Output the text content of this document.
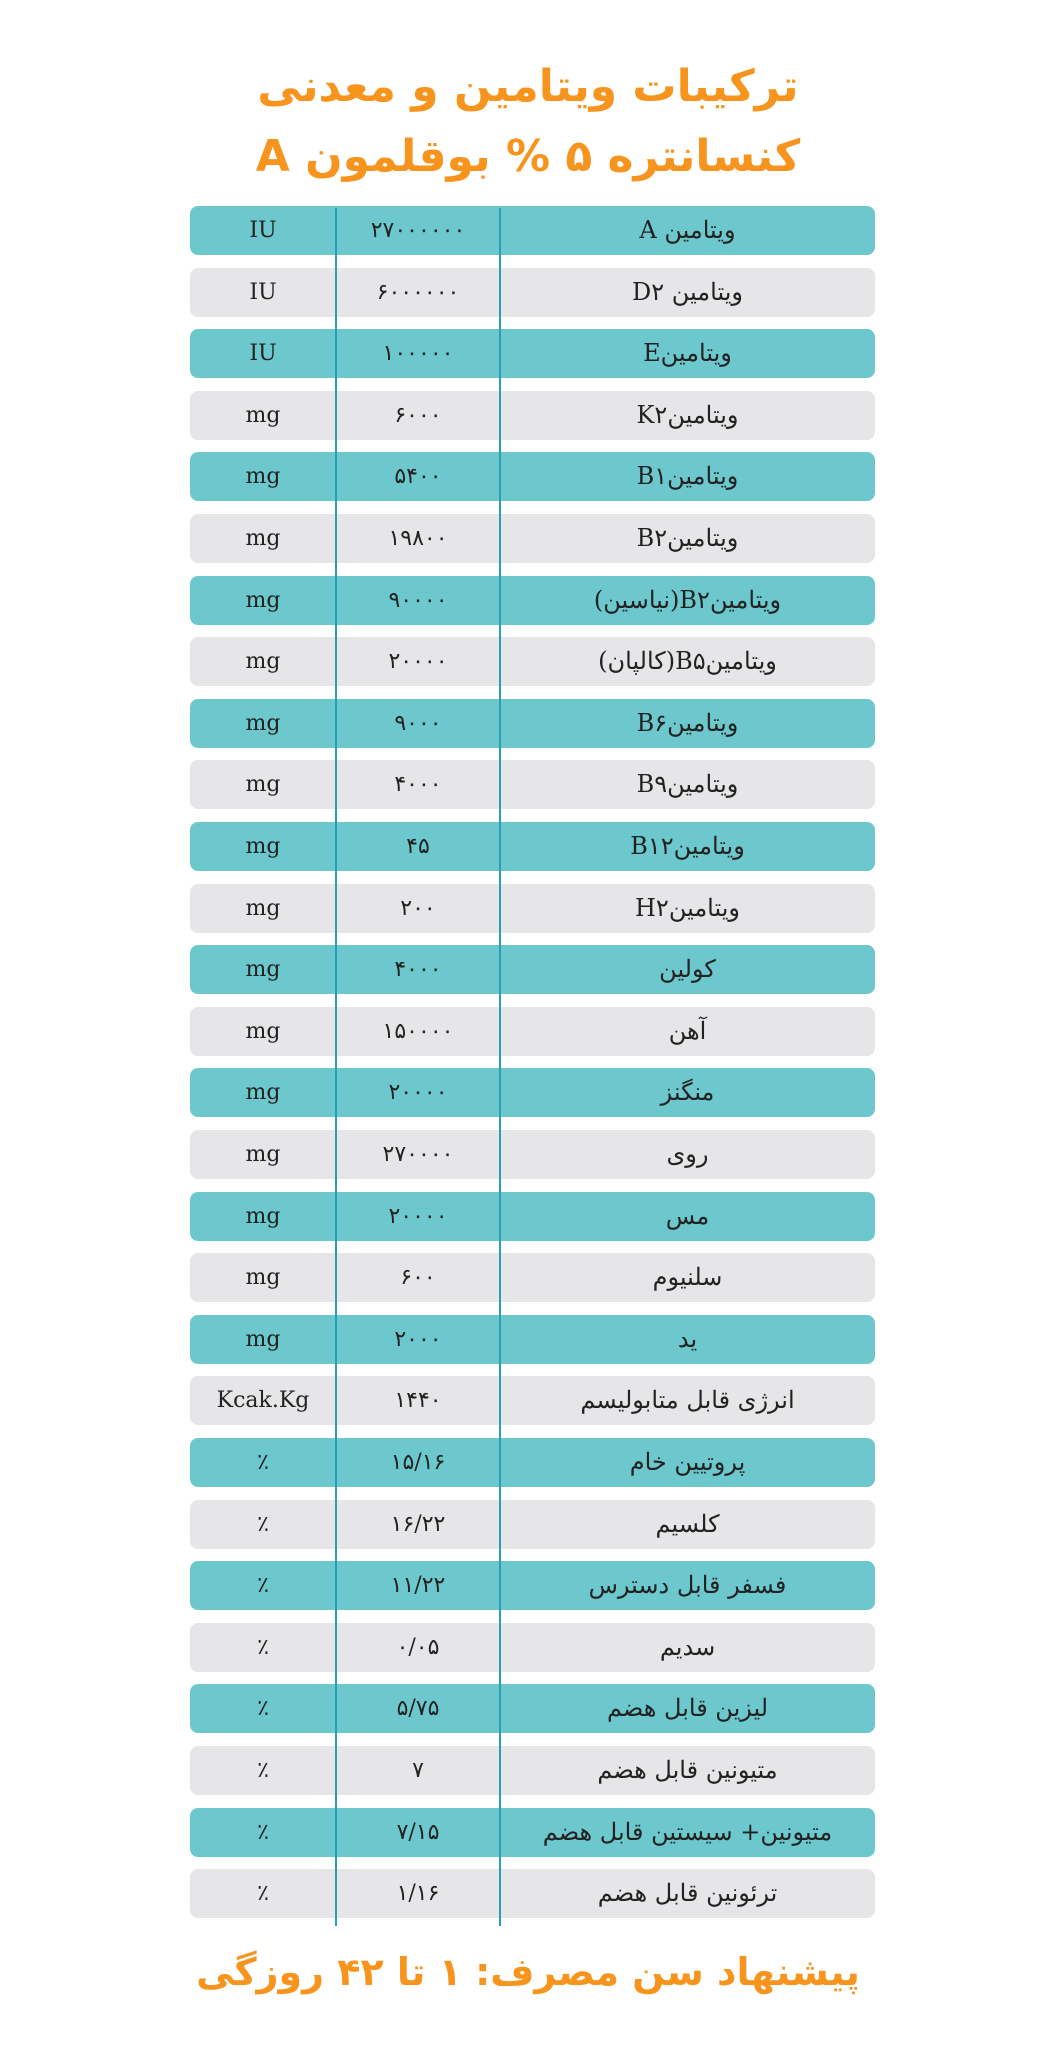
ترکیبات ویتامین و معدنی
کنسانتره ۵ % بوقلمون A
IU	۲۷۰۰۰۰۰۰	ویتامین A
IU	۶۰۰۰۰۰۰	ویتامین D۲
IU	۱۰۰۰۰۰	ویتامینE
mg	۶۰۰۰	ویتامینK۲
mg	۵۴۰۰	ویتامینB۱
mg	۱۹۸۰۰	ویتامینB۲
mg	۹۰۰۰۰	ویتامینB۲(نیاسین)
mg	۲۰۰۰۰	ویتامینB۵(کالپان)
mg	۹۰۰۰	ویتامینB۶
mg	۴۰۰۰	ویتامینB۹
mg	۴۵	ویتامینB۱۲
mg	۲۰۰	ویتامینH۲
mg	۴۰۰۰	کولین
mg	۱۵۰۰۰۰	آهن
mg	۲۰۰۰۰	منگنز
mg	۲۷۰۰۰۰	روی
mg	۲۰۰۰۰	مس
mg	۶۰۰	سلنیوم
mg	۲۰۰۰	ید
Kcak.Kg	۱۴۴۰	انرژی قابل متابولیسم
٪	۱۵/۱۶	پروتیین خام
٪	۱۶/۲۲	کلسیم
٪	۱۱/۲۲	فسفر قابل دسترس
٪	۰/۰۵	سدیم
٪	۵/۷۵	لیزین قابل هضم
٪	۷	متیونین قابل هضم
٪	۷/۱۵	متیونین+ سیستین قابل هضم
٪	۱/۱۶	ترئونین قابل هضم
پیشنهاد سن مصرف: ۱ تا ۴۲ روزگی
